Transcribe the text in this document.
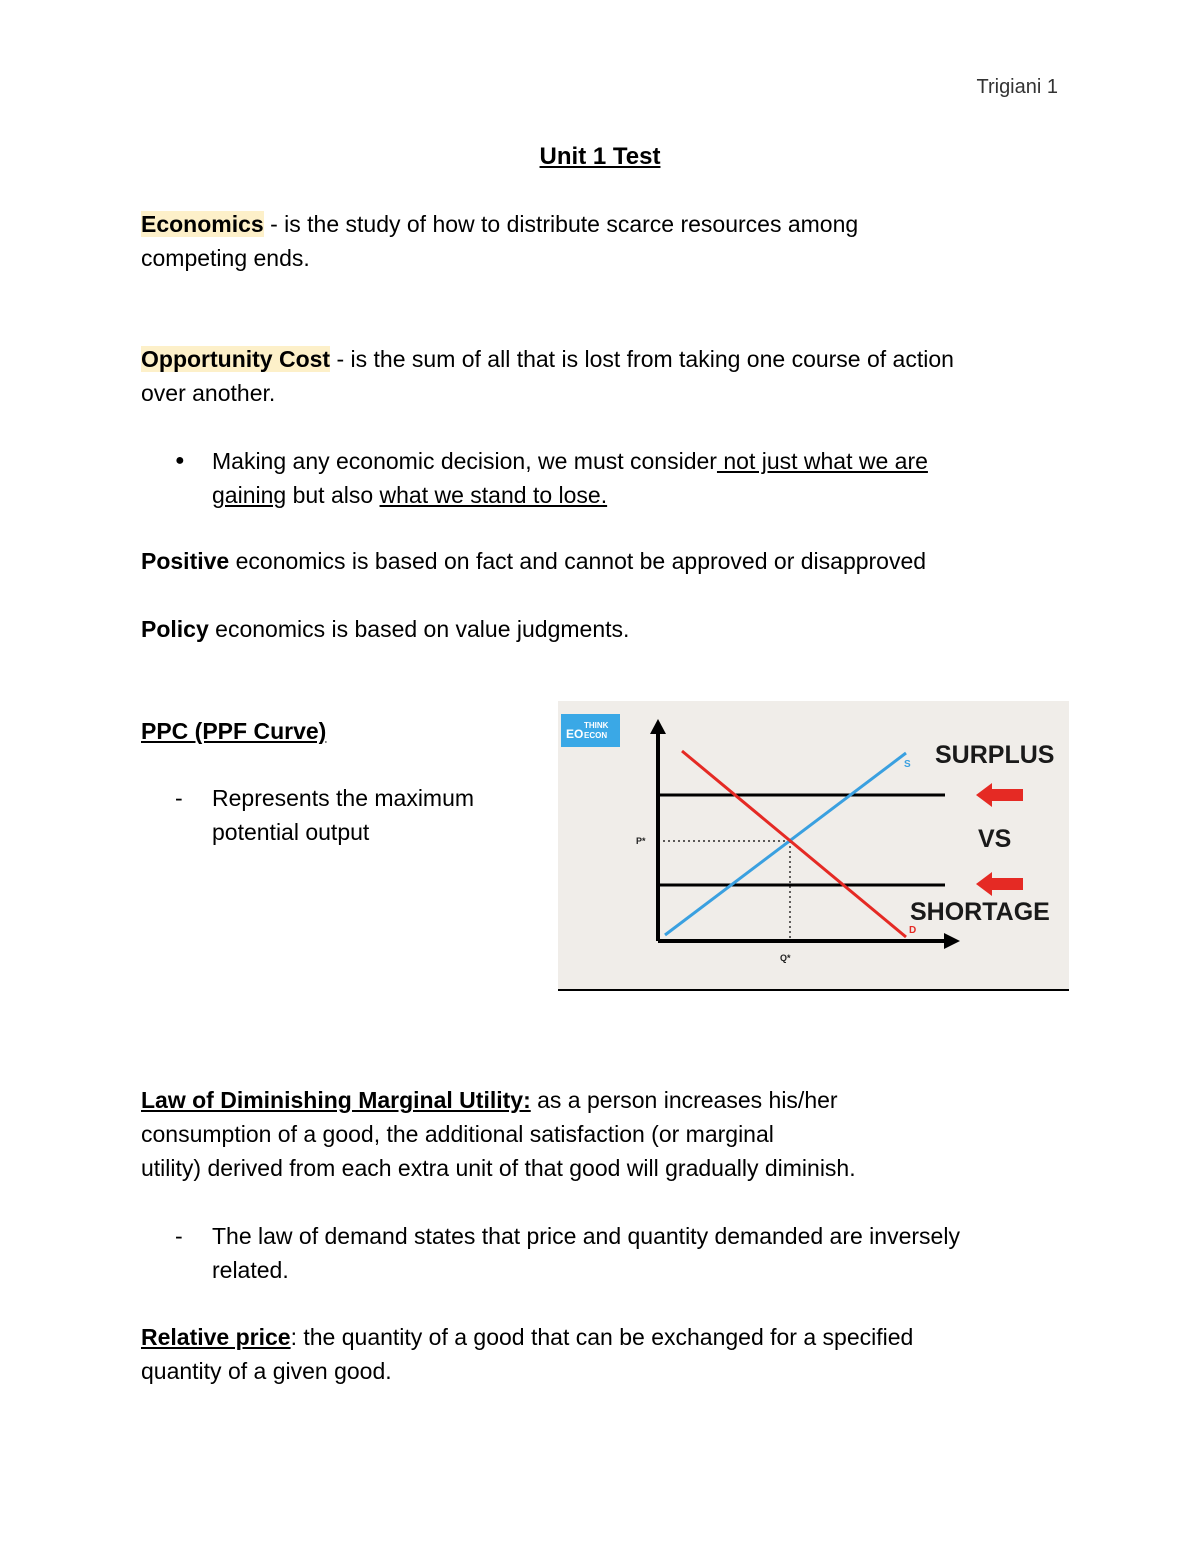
Trigiani 1
Unit 1 Test
Economics - is the study of how to distribute scarce resources among
competing ends.
Opportunity Cost - is the sum of all that is lost from taking one course of action
over another.
● Making any economic decision, we must consider not just what we are
gaining but also what we stand to lose.
Positive economics is based on fact and cannot be approved or disapproved
Policy economics is based on value judgments.
PPC (PPF Curve)
- Represents the maximum
potential output
EO
THINK
ECON
S
D
P*
Q*
SURPLUS
VS
SHORTAGE
Law of Diminishing Marginal Utility: as a person increases his/her
consumption of a good, the additional satisfaction (or marginal
utility) derived from each extra unit of that good will gradually diminish.
- The law of demand states that price and quantity demanded are inversely
related.
Relative price: the quantity of a good that can be exchanged for a specified
quantity of a given good.
